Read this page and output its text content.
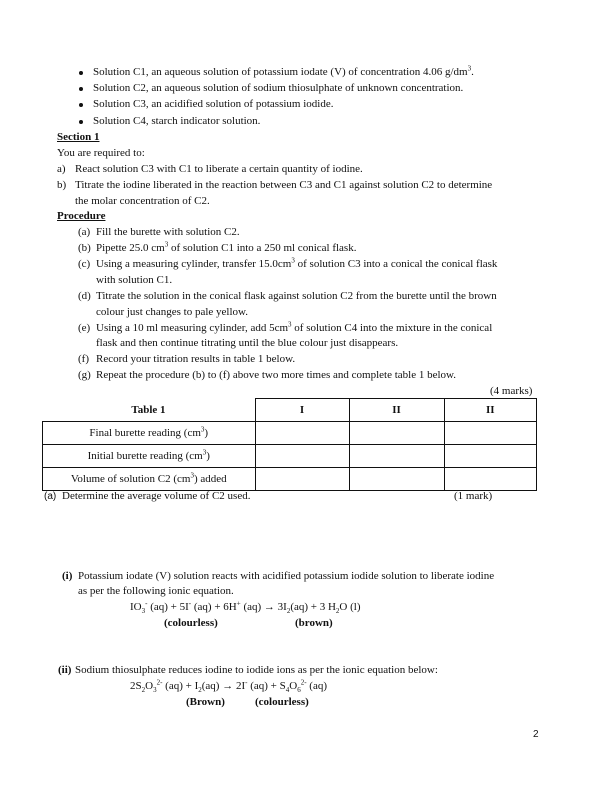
Solution C1, an aqueous solution of potassium iodate (V) of concentration 4.06 $g/dm^3$.
Solution C2, an aqueous solution of sodium thiosulphate of unknown concentration.
Solution C3, an acidified solution of potassium iodide.
Solution C4, starch indicator solution.
Section 1
You are required to:
a) React solution C3 with C1 to liberate a certain quantity of iodine.
b) Titrate the iodine liberated in the reaction between C3 and C1 against solution C2 to determine
the molar concentration of C2.
Procedure
(a) Fill the burette with solution C2.
(b) Pipette 25.0 $cm^3$ of solution C1 into a 250 ml conical flask.
(c) Using a measuring cylinder, transfer $15.0cm^3$ of solution C3 into a conical the conical flask
with solution C1.
(d) Titrate the solution in the conical flask against solution C2 from the burette until the brown
colour just changes to pale yellow.
(e) Using a 10 ml measuring cylinder, add $5cm^3$ of solution C4 into the mixture in the conical
flask and then continue titrating until the blue colour just disappears.
(f) Record your titration results in table 1 below.
(g) Repeat the procedure (b) to (f) above two more times and complete table 1 below.
(4 marks)
Table 1	I	II	II
Final burette reading $(cm^3)$			
Initial burette reading $(cm^3)$			
Volume of solution C2 $(cm^3)$ added			
(a) Determine the average volume of C2 used.	(1 mark)
(i) Potassium iodate (V) solution reacts with acidified potassium iodide solution to liberate iodine
as per the following ionic equation.
$IO_3^-$ (aq) + 5I- (aq) + 6H+ $(aq) \to 3I_2(aq) + 3$ $H_2O$ (l)
(colourless)	(brown)
(ii) Sodium thiosulphate reduces iodine to iodide ions as per the ionic equation below:
$2S_2O_3^{2-}$ $(aq) + I_2(aq) \to 2I^-$ $(aq) + S_4O_6^{2-}$ (aq)
(Brown)	(colourless)
2
